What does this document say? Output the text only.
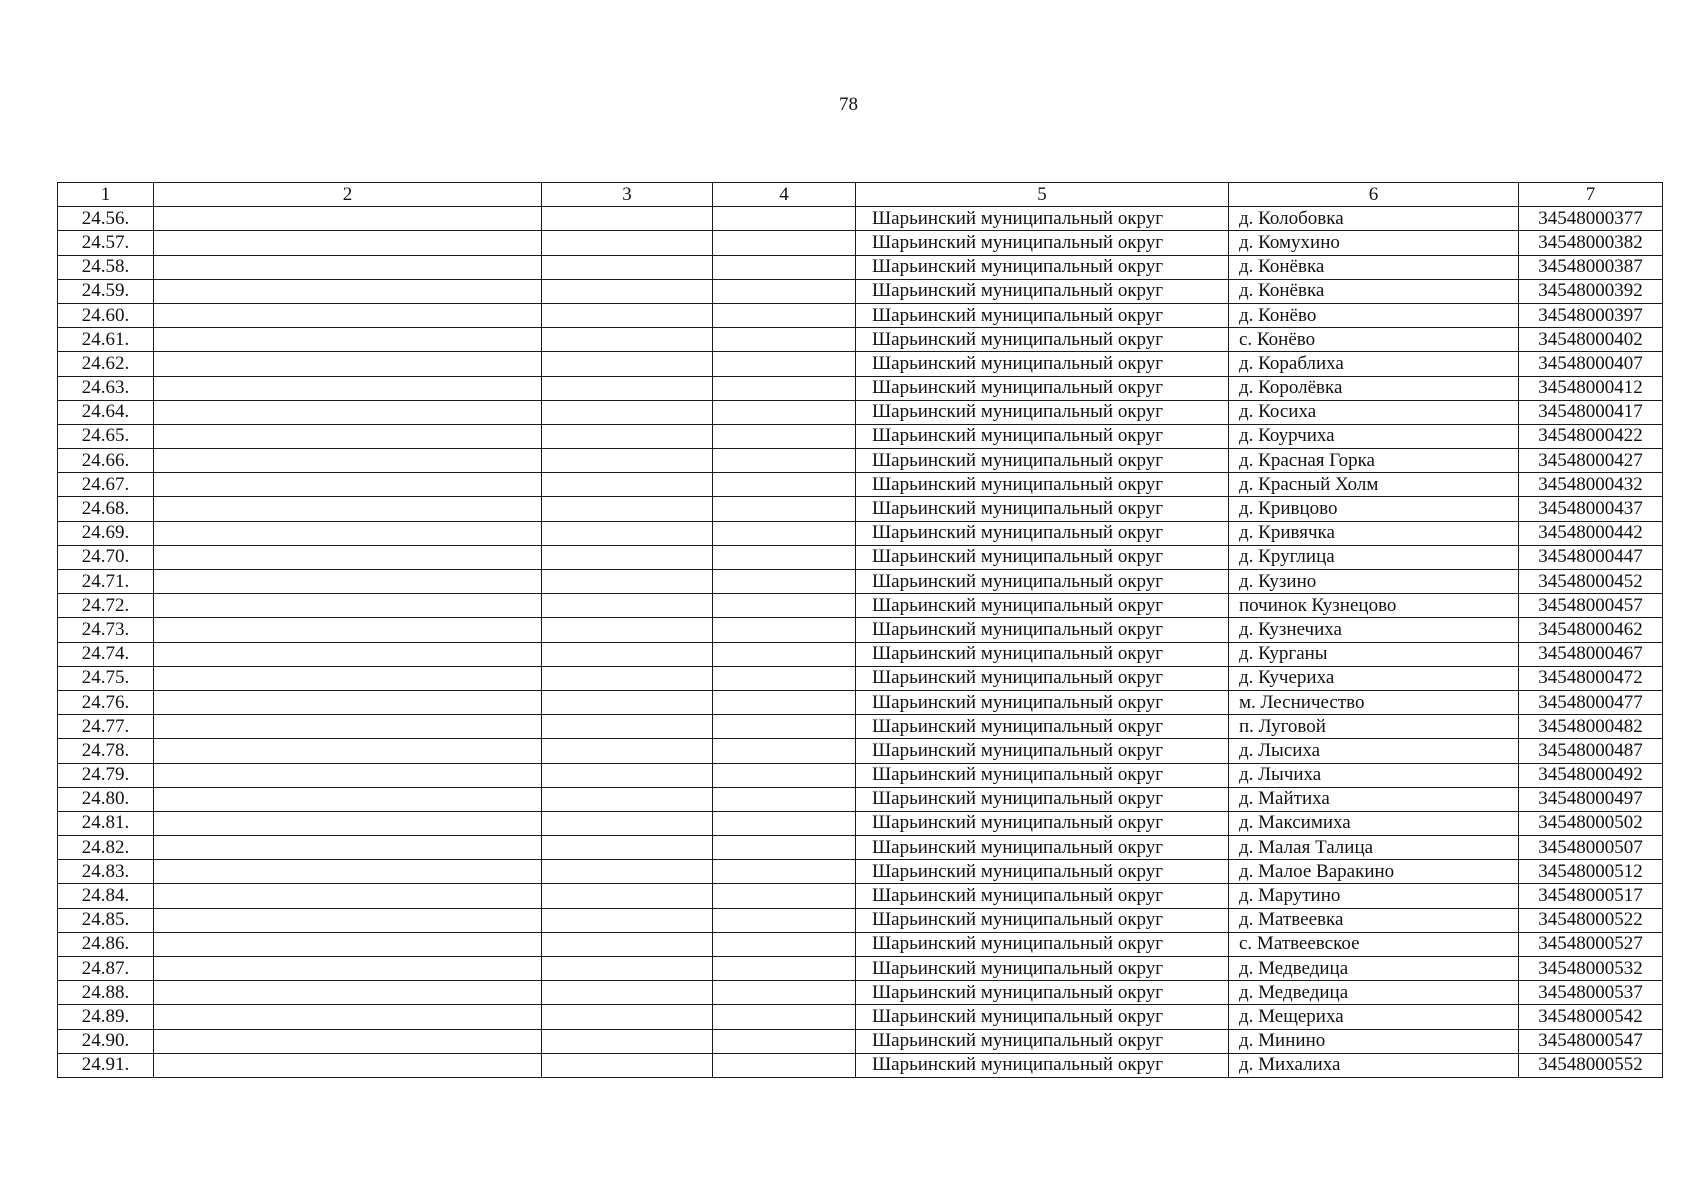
78
1	2	3	4	5	6	7
24.56.				Шарьинский муниципальный округ	д. Колобовка	34548000377
24.57.				Шарьинский муниципальный округ	д. Комухино	34548000382
24.58.				Шарьинский муниципальный округ	д. Конёвка	34548000387
24.59.				Шарьинский муниципальный округ	д. Конёвка	34548000392
24.60.				Шарьинский муниципальный округ	д. Конёво	34548000397
24.61.				Шарьинский муниципальный округ	с. Конёво	34548000402
24.62.				Шарьинский муниципальный округ	д. Кораблиха	34548000407
24.63.				Шарьинский муниципальный округ	д. Королёвка	34548000412
24.64.				Шарьинский муниципальный округ	д. Косиха	34548000417
24.65.				Шарьинский муниципальный округ	д. Коурчиха	34548000422
24.66.				Шарьинский муниципальный округ	д. Красная Горка	34548000427
24.67.				Шарьинский муниципальный округ	д. Красный Холм	34548000432
24.68.				Шарьинский муниципальный округ	д. Кривцово	34548000437
24.69.				Шарьинский муниципальный округ	д. Кривячка	34548000442
24.70.				Шарьинский муниципальный округ	д. Круглица	34548000447
24.71.				Шарьинский муниципальный округ	д. Кузино	34548000452
24.72.				Шарьинский муниципальный округ	починок Кузнецово	34548000457
24.73.				Шарьинский муниципальный округ	д. Кузнечиха	34548000462
24.74.				Шарьинский муниципальный округ	д. Курганы	34548000467
24.75.				Шарьинский муниципальный округ	д. Кучериха	34548000472
24.76.				Шарьинский муниципальный округ	м. Лесничество	34548000477
24.77.				Шарьинский муниципальный округ	п. Луговой	34548000482
24.78.				Шарьинский муниципальный округ	д. Лысиха	34548000487
24.79.				Шарьинский муниципальный округ	д. Лычиха	34548000492
24.80.				Шарьинский муниципальный округ	д. Майтиха	34548000497
24.81.				Шарьинский муниципальный округ	д. Максимиха	34548000502
24.82.				Шарьинский муниципальный округ	д. Малая Талица	34548000507
24.83.				Шарьинский муниципальный округ	д. Малое Варакино	34548000512
24.84.				Шарьинский муниципальный округ	д. Марутино	34548000517
24.85.				Шарьинский муниципальный округ	д. Матвеевка	34548000522
24.86.				Шарьинский муниципальный округ	с. Матвеевское	34548000527
24.87.				Шарьинский муниципальный округ	д. Медведица	34548000532
24.88.				Шарьинский муниципальный округ	д. Медведица	34548000537
24.89.				Шарьинский муниципальный округ	д. Мещериха	34548000542
24.90.				Шарьинский муниципальный округ	д. Минино	34548000547
24.91.				Шарьинский муниципальный округ	д. Михалиха	34548000552
